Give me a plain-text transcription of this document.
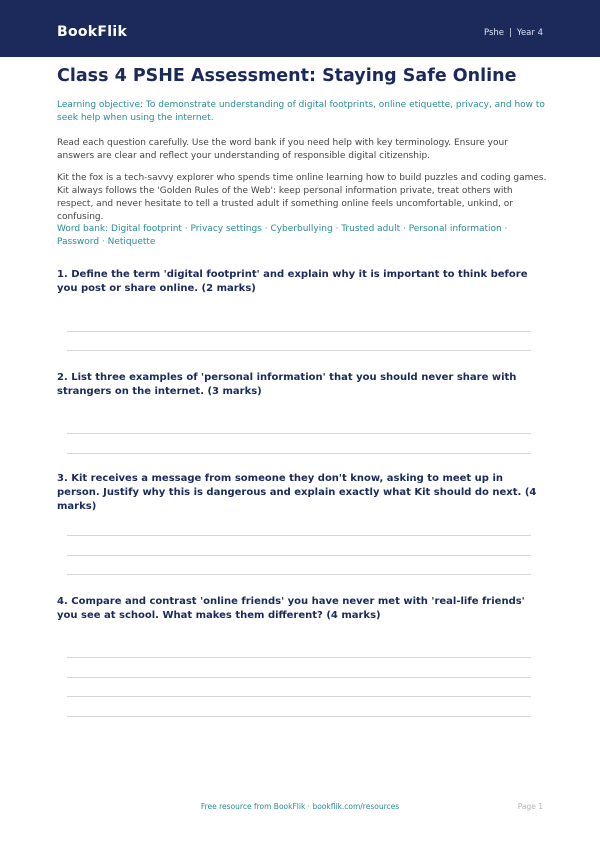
BookFlik	Pshe | Year 4
Class 4 PSHE Assessment: Staying Safe Online

Learning objective: To demonstrate understanding of digital footprints, online etiquette, privacy, and how to seek help when using the internet.

Read each question carefully. Use the word bank if you need help with key terminology. Ensure your answers are clear and reflect your understanding of responsible digital citizenship.

Kit the fox is a tech-savvy explorer who spends time online learning how to build puzzles and coding games. Kit always follows the 'Golden Rules of the Web': keep personal information private, treat others with respect, and never hesitate to tell a trusted adult if something online feels uncomfortable, unkind, or confusing.

Word bank: Digital footprint · Privacy settings · Cyberbullying · Trusted adult · Personal information · Password · Netiquette

1. Define the term 'digital footprint' and explain why it is important to think before you post or share online. (2 marks)

2. List three examples of 'personal information' that you should never share with strangers on the internet. (3 marks)

3. Kit receives a message from someone they don't know, asking to meet up in person. Justify why this is dangerous and explain exactly what Kit should do next. (4 marks)

4. Compare and contrast 'online friends' you have never met with 'real-life friends' you see at school. What makes them different? (4 marks)

Free resource from BookFlik · bookflik.com/resources	Page 1
